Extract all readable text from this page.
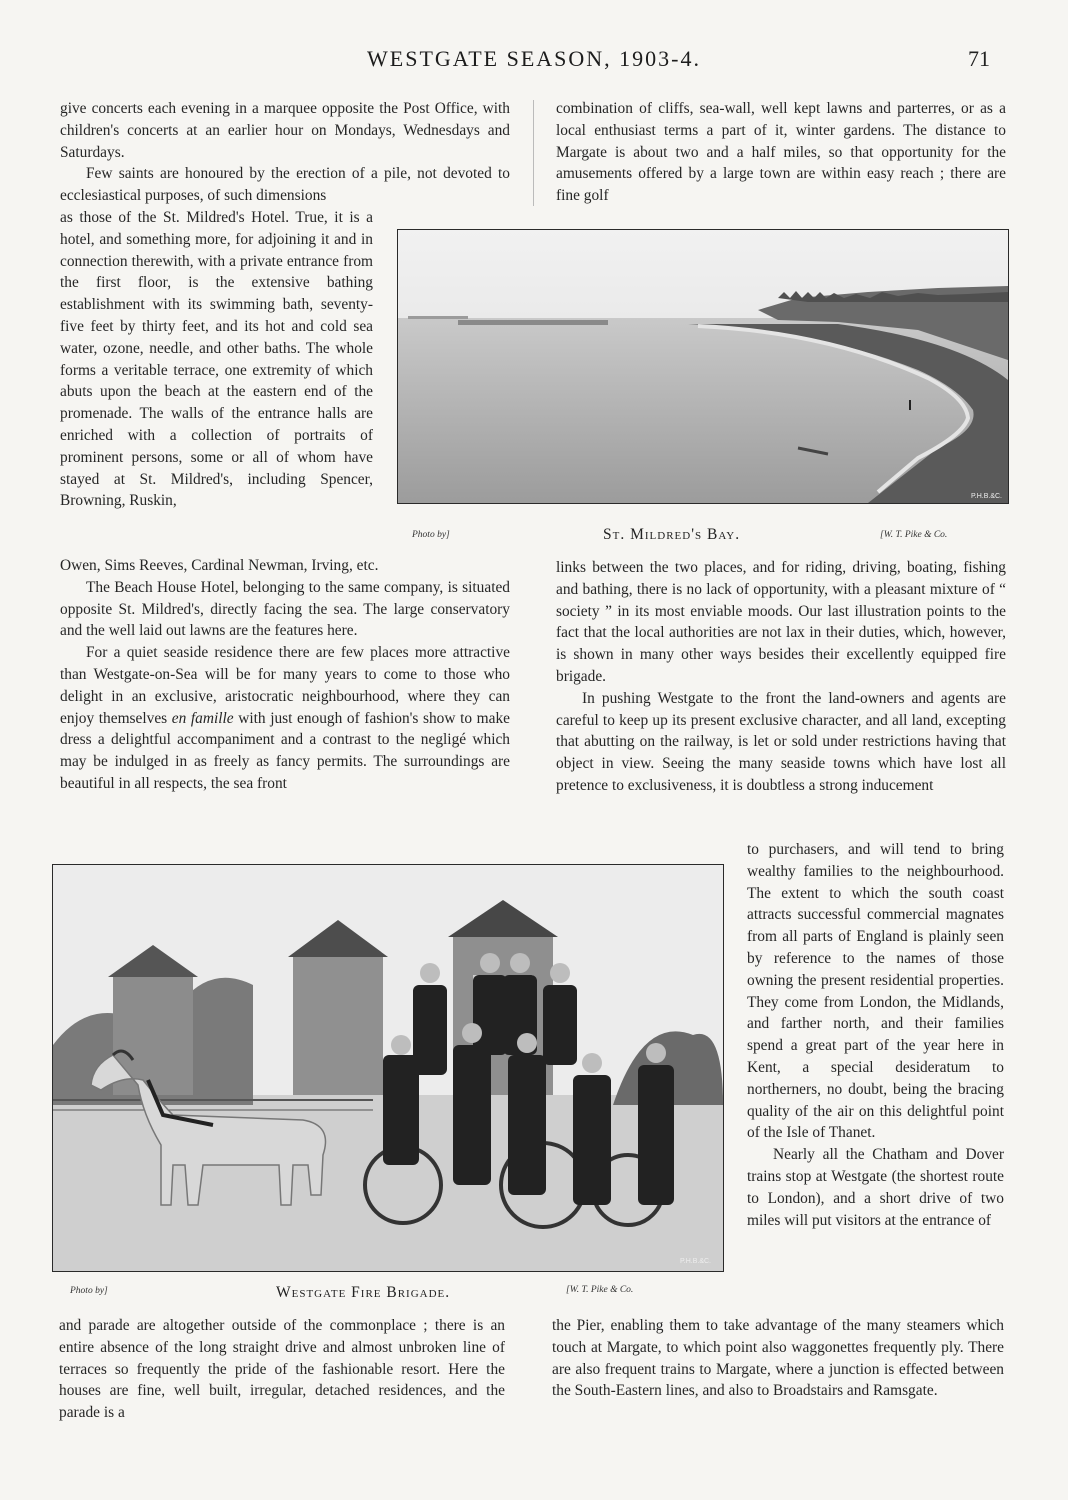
WESTGATE SEASON, 1903-4.	71

give concerts each evening in a marquee opposite the Post Office, with children's concerts at an earlier hour on Mondays, Wednesdays and Saturdays.

Few saints are honoured by the erection of a pile, not devoted to ecclesiastical purposes, of such dimensions

as those of the St. Mildred's Hotel. True, it is a hotel, and something more, for adjoining it and in connection therewith, with a private entrance from the first floor, is the extensive bathing establishment with its swimming bath, seventy-five feet by thirty feet, and its hot and cold sea water, ozone, needle, and other baths. The whole forms a veritable terrace, one extremity of which abuts upon the beach at the eastern end of the promenade. The walls of the entrance halls are enriched with a collection of portraits of prominent persons, some or all of whom have stayed at St. Mildred's, including Spencer, Browning, Ruskin,

Owen, Sims Reeves, Cardinal Newman, Irving, etc.

The Beach House Hotel, belonging to the same company, is situated opposite St. Mildred's, directly facing the sea. The large conservatory and the well laid out lawns are the features here.

For a quiet seaside residence there are few places more attractive than Westgate-on-Sea will be for many years to come to those who delight in an exclusive, aristocratic neighbourhood, where they can enjoy themselves en famille with just enough of fashion's show to make dress a delightful accompaniment and a contrast to the negligé which may be indulged in as freely as fancy permits. The surroundings are beautiful in all respects, the sea front

combination of cliffs, sea-wall, well kept lawns and parterres, or as a local enthusiast terms a part of it, winter gardens. The distance to Margate is about two and a half miles, so that opportunity for the amusements offered by a large town are within easy reach ; there are fine golf

P.H.B.&C.
Photo by]	St. Mildred's Bay.	[W. T. Pike & Co.

links between the two places, and for riding, driving, boating, fishing and bathing, there is no lack of opportunity, with a pleasant mixture of “ society ” in its most enviable moods. Our last illustration points to the fact that the local authorities are not lax in their duties, which, however, is shown in many other ways besides their excellently equipped fire brigade.

In pushing Westgate to the front the land-owners and agents are careful to keep up its present exclusive character, and all land, excepting that abutting on the railway, is let or sold under restrictions having that object in view. Seeing the many seaside towns which have lost all pretence to exclusiveness, it is doubtless a strong inducement

to purchasers, and will tend to bring wealthy families to the neighbourhood. The extent to which the south coast attracts successful commercial magnates from all parts of England is plainly seen by reference to the names of those owning the present residential properties. They come from London, the Midlands, and farther north, and their families spend a great part of the year here in Kent, a special desideratum to northerners, no doubt, being the bracing quality of the air on this delightful point of the Isle of Thanet.

Nearly all the Chatham and Dover trains stop at Westgate (the shortest route to London), and a short drive of two miles will put visitors at the entrance of

the Pier, enabling them to take advantage of the many steamers which touch at Margate, to which point also waggonettes frequently ply. There are also frequent trains to Margate, where a junction is effected between the South-Eastern lines, and also to Broadstairs and Ramsgate.

P.H.B.&C.
Photo by]	Westgate Fire Brigade.	[W. T. Pike & Co.

and parade are altogether outside of the commonplace ; there is an entire absence of the long straight drive and almost unbroken line of terraces so frequently the pride of the fashionable resort. Here the houses are fine, well built, irregular, detached residences, and the parade is a
